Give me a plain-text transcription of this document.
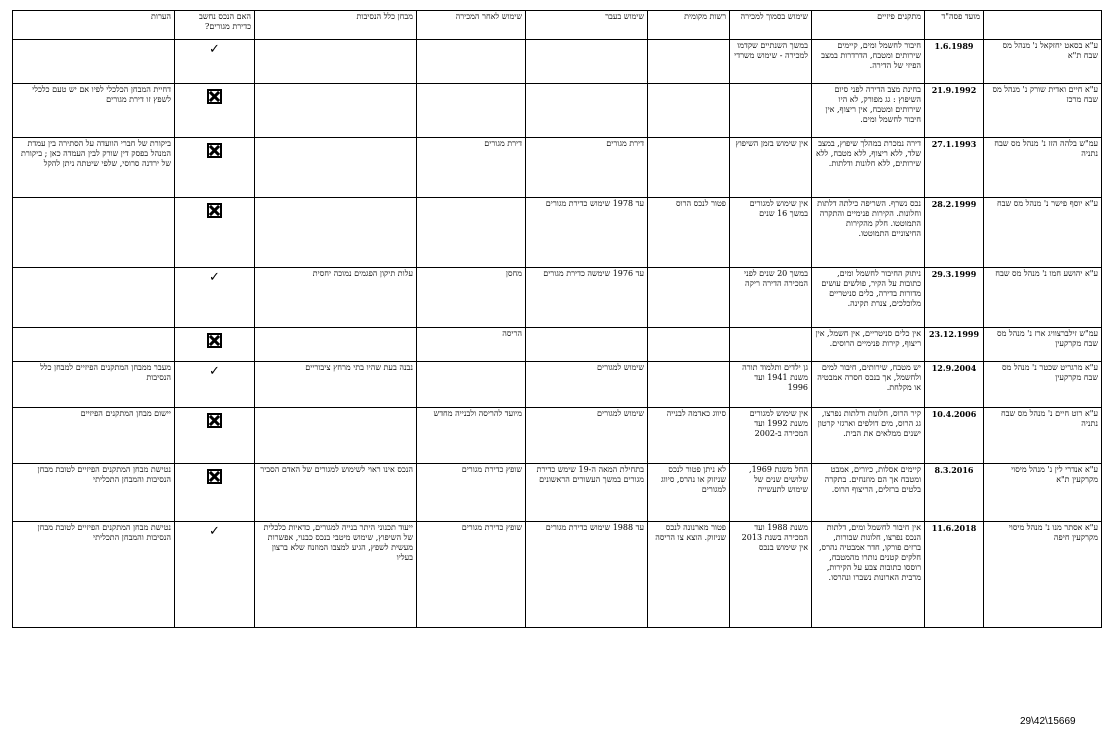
	מועד פסה"ד	מתקנים פיזיים	שימוש בסמוך למכירה	רשות מקומית	שימוש בעבר	שימוש לאחר המכירה	מבחן כלל הנסיבות	האם הנכס נחשב כדירת מגורים?	הערות
ע"א בסאט יחזקאל נ' מנהל מס שבח ת"א	1.6.1989	חיבור לחשמל ומים, קיימים שירותים ומטבח, הדרדרות במצב הפיזי של הדירה.	במשך השנתיים שקדמו למכירה - שימוש משרדי					✓	
ע"א חיים ואדית שורק נ' מנהל מס שבח מרכז	21.9.1992	בחינת מצב הדירה לפני סיום השיפוץ : גג מפורק, לא היו שירותים ומטבח, אין ריצוף, אין חיבור לחשמל ומים.							דחיית המבחן הכלכלי לפיו אם יש טעם כלכלי לשפץ זו דירת מגורים
עמ"ש בלהה הזז נ' מנהל מס שבח נתניה	27.1.1993	דירה נמכרת במהלך שיפוץ, במצב שלד, ללא ריצוף, ללא מטבח, ללא שירותים, ללא חלונות ודלתות.	אין שימוש בזמן השיפוץ		דירת מגורים	דירת מגורים			ביקורת של חברי הוועדה על הסתירה בין עמדת המנהל בפסק דין שורק לבין העמדה כאן ; ביקורת של ירדנה סרוסי, שלפי שיטתה ניתן להקל
ע"א יוסף פישר נ' מנהל מס שבח	28.2.1999	נכס נשרף. השריפה כילתה דלתות וחלונות. הקירות פנימיים והתקרה התמוטטו. חלק מהקירות החיצוניים התמוטטו.	אין שימוש למגורים במשך 16 שנים	פטור לנכס הרוס	עד 1978 שימוש כדירת מגורים				
ע"א יהושע חמו נ' מנהל מס שבח	29.3.1999	ניתוק החיבור לחשמל ומים, כתובות על הקיר, פולשים עושים מדורות בדירה, כלים סניטריים מלוכלכים, צנרת תקינה.	במשך 20 שנים לפני המכירה הדירה ריקה		עד 1976 שימשה כדירת מגורים	מחסן	עלות תיקון הפגמים נמוכה יחסית	✓	
עמ"ש זילברצוויג ארז נ' מנהל מס שבח מקרקעין	23.12.1999	אין כלים סניטריים, אין חשמל, אין ריצוף, קירות פנימיים הרוסים.				הריסה			
ע"א מרגריט שכטר נ' מנהל מס שבח מקרקעין	12.9.2004	יש מטבח, שירותים, חיבור למים ולחשמל, אך בנכס חסרה אמבטיה או מקלחת.	גן ילדים ותלמוד תורה משנת 1941 ועד 1996		שימוש למגורים		נבנה בעת שהיו בתי מרחץ ציבוריים	✓	מעבר ממבחן המתקנים הפיזיים למבחן כלל הנסיבות
ע"א רוט חיים נ' מנהל מס שבח נתניה	10.4.2006	קיר הרוס, חלונות ודלתות נפרצו, גג הרוס, מים דולפים וארגזי קרטון ישנים ממלאים את הבית.	אין שימוש למגורים משנת 1992 ועד המכירה ב-2002	סיווג כאדמה לבנייה	שימוש למגורים	מיועד להריסה ולבנייה מחדש			יישום מבחן המתקנים הפיזיים
ע"א אנדרי לין נ' מנהל מיסוי מקרקעין ת"א	8.3.2016	קיימים אסלות, כיורים, אמבט ומטבח אך הם מוזנחים. בתקרה בלטים ברזלים, הריצוף הרוס.	החל משנת 1969, שלושים שנים של שימוש לתעשייה	לא ניתן פטור לנכס שניזוק או נהרס, סיווג למגורים	בתחילת המאה ה-19 שימש כדירת מגורים במשך העשורים הראשונים	שופץ כדירת מגורים	הנכס אינו ראוי לשימוש למגורים של האדם הסביר		נטישת מבחן המתקנים הפיזיים לטובת מבחן הנסיבות והמבחן התכליתי
ע"א אסתר מנו נ' מנהל מיסוי מקרקעין חיפה	11.6.2018	אין חיבור לחשמל ומים, דלתות הנכס נפרצו, חלונות שבורות, ברזים פורקו, חדר אמבטיה נהרס, חלקים קטנים נותרו מהמטבח, רוססו כתובות צבע על הקירות, מרבית הארונות נשברו ונהרסו.	משנת 1988 ועד המכירה בשנת 2013 אין שימוש בנכס	פטור מארנונה לנכס שניזוק. הוצא צו הריסה	עד 1988 שימוש כדירת מגורים	שופץ כדירת מגורים	ייעוד תכנוני היתר בנייה למגורים, כדאיות כלכלית של השיפוץ, שימוש מיטבי בנכס כבנוי, אפשרות מעשית לשפץ, הגיע למצבו המוזנח שלא ברצון בעליו	✓	נטישת מבחן המתקנים הפיזיים לטובת מבחן הנסיבות והמבחן התכליתי
29\42\15669
